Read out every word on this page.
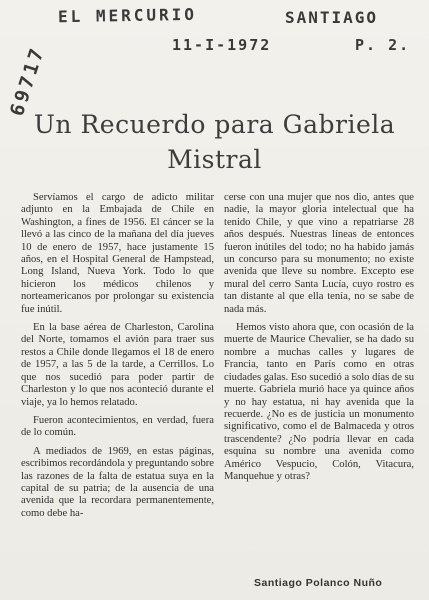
EL MERCURIO	SANTIAGO
11-I-1972	P. 2.
69717
Un Recuerdo para Gabriela
Mistral

Servíamos el cargo de adicto militar adjunto en la Embajada de Chile en Washington, a fines de 1956. El cáncer se la llevó a las cinco de la mañana del día jueves 10 de enero de 1957, hace justamente 15 años, en el Hospital General de Hampstead, Long Island, Nueva York. Todo lo que hicieron los médicos chilenos y norteamericanos por prolongar su existencia fue inútil.

En la base aérea de Charleston, Carolina del Norte, tomamos el avión para traer sus restos a Chile donde llegamos el 18 de enero de 1957, a las 5 de la tarde, a Cerrillos. Lo que nos sucedió para poder partir de Charleston y lo que nos aconteció durante el viaje, ya lo hemos relatado.

Fueron acontecimientos, en verdad, fuera de lo común.

A mediados de 1969, en estas páginas, escribimos recordándola y preguntando sobre las razones de la falta de estatua suya en la capital de su patria; de la ausencia de una avenida que la recordara permanentemente, como debe ha-

cerse con una mujer que nos dio, antes que nadie, la mayor gloria intelectual que ha tenido Chile, y que vino a repatriarse 28 años después. Nuestras líneas de entonces fueron inútiles del todo; no ha habido jamás un concurso para su monumento; no existe avenida que lleve su nombre. Excepto ese mural del cerro Santa Lucía, cuyo rostro es tan distante al que ella tenía, no se sabe de nada más.

Hemos visto ahora que, con ocasión de la muerte de Maurice Chevalier, se ha dado su nombre a muchas calles y lugares de Francia, tanto en París como en otras ciudades galas. Eso sucedió a solo días de su muerte. Gabriela murió hace ya quince años y no hay estatua, ni hay avenida que la recuerde. ¿No es de justicia un monumento significativo, como el de Balmaceda y otros trascendente? ¿No podría llevar en cada esquina su nombre una avenida como Américo Vespucio, Colón, Vitacura, Manquehue y otras?

Santiago Polanco Nuño
